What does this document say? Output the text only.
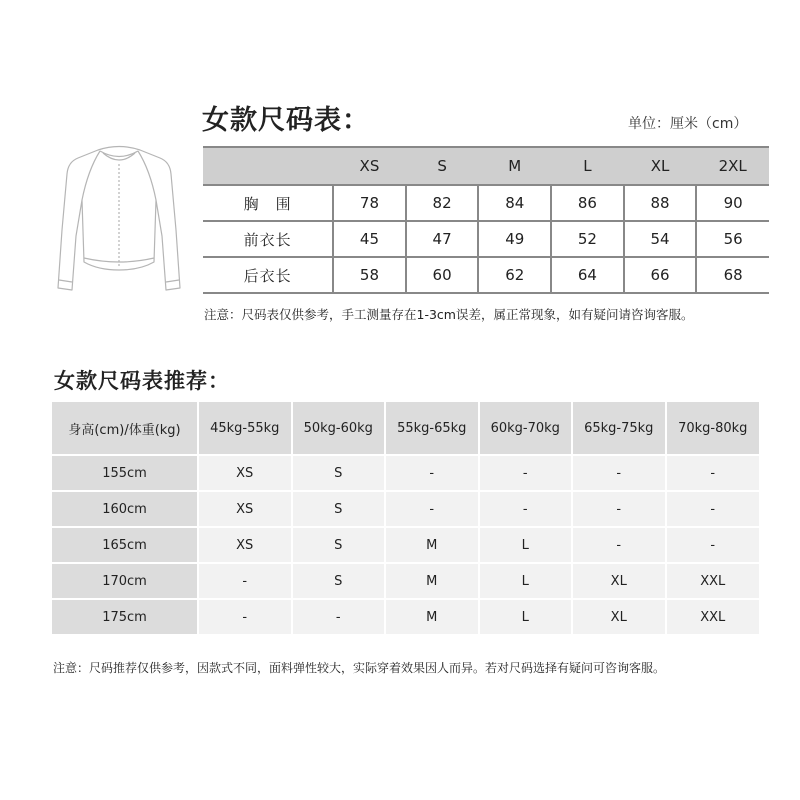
女款尺码表：	单位：厘米（cm）
	XS	S	M	L	XL	2XL
胸　围	78	82	84	86	88	90
前衣长	45	47	49	52	54	56
后衣长	58	60	62	64	66	68
注意：尺码表仅供参考，手工测量存在1-3cm误差，属正常现象，如有疑问请咨询客服。
女款尺码表推荐：
身高(cm)/体重(kg)	45kg-55kg	50kg-60kg	55kg-65kg	60kg-70kg	65kg-75kg	70kg-80kg
155cm	XS	S	-	-	-	-
160cm	XS	S	-	-	-	-
165cm	XS	S	M	L	-	-
170cm	-	S	M	L	XL	XXL
175cm	-	-	M	L	XL	XXL
注意：尺码推荐仅供参考，因款式不同，面料弹性较大，实际穿着效果因人而异。若对尺码选择有疑问可咨询客服。
